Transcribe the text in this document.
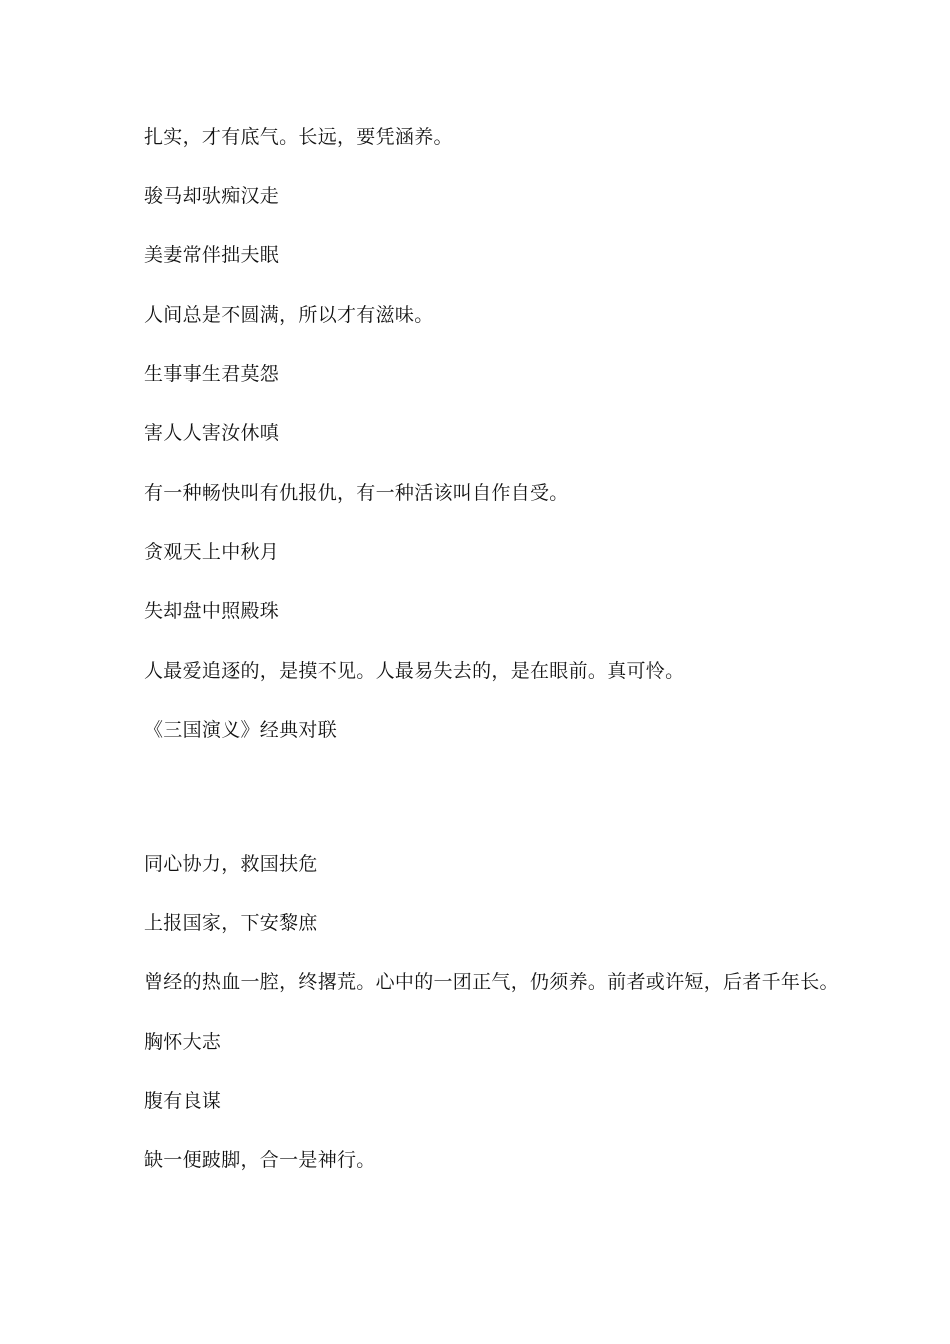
扎实，才有底气。长远，要凭涵养。
骏马却驮痴汉走
美妻常伴拙夫眠
人间总是不圆满，所以才有滋味。
生事事生君莫怨
害人人害汝休嗔
有一种畅快叫有仇报仇，有一种活该叫自作自受。
贪观天上中秋月
失却盘中照殿珠
人最爱追逐的，是摸不见。人最易失去的，是在眼前。真可怜。
《三国演义》经典对联
同心协力，救国扶危
上报国家，下安黎庶
曾经的热血一腔，终撂荒。心中的一团正气，仍须养。前者或许短，后者千年长。
胸怀大志
腹有良谋
缺一便跛脚，合一是神行。
